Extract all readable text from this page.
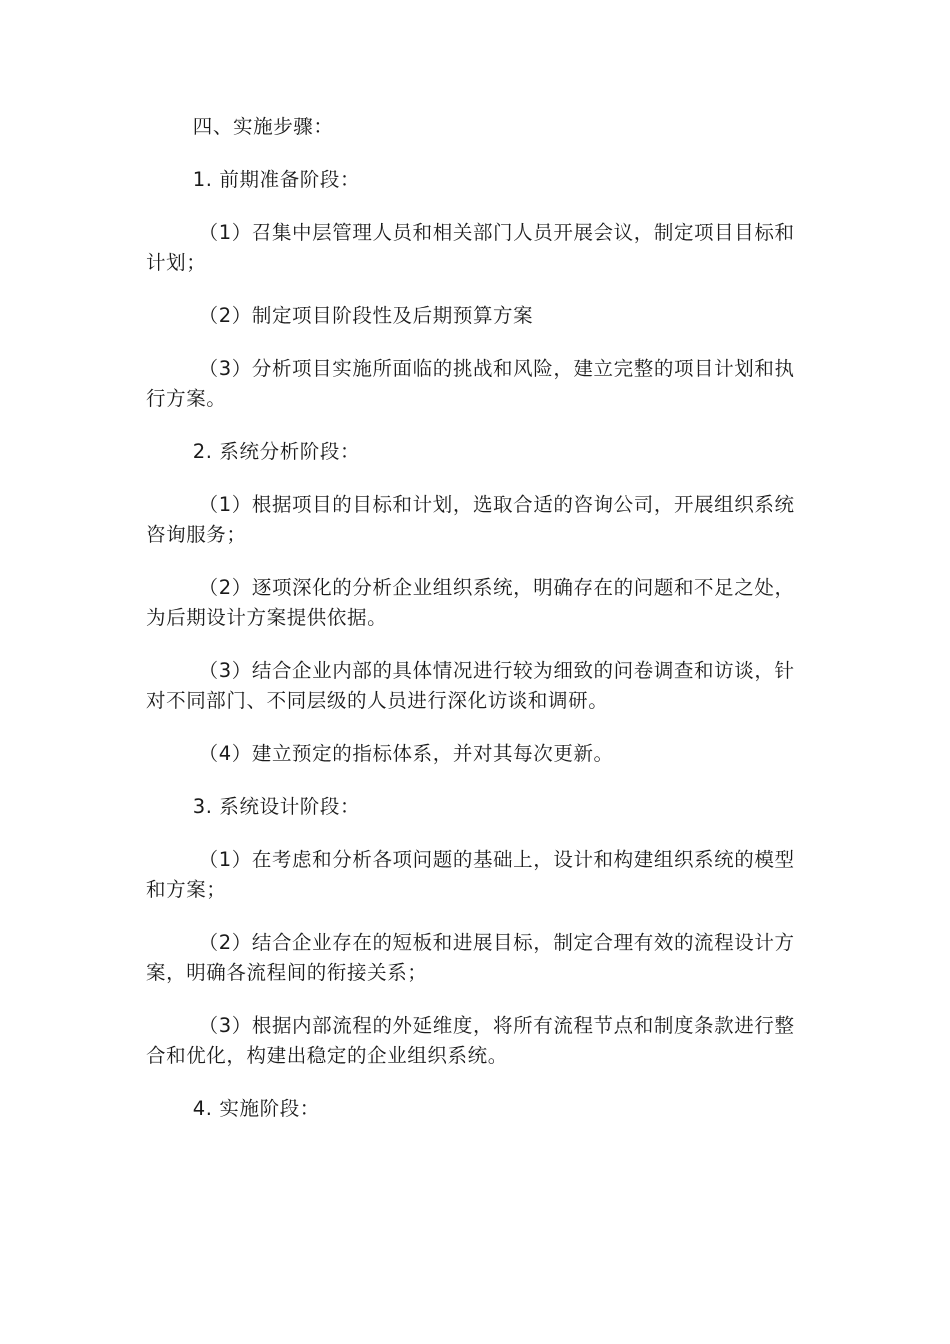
四、实施步骤：

1. 前期准备阶段：

（1）召集中层管理人员和相关部门人员开展会议，制定项目目标和计划；

（2）制定项目阶段性及后期预算方案

（3）分析项目实施所面临的挑战和风险，建立完整的项目计划和执行方案。

2. 系统分析阶段：

（1）根据项目的目标和计划，选取合适的咨询公司，开展组织系统咨询服务；

（2）逐项深化的分析企业组织系统，明确存在的问题和不足之处，为后期设计方案提供依据。

（3）结合企业内部的具体情况进行较为细致的问卷调查和访谈，针对不同部门、不同层级的人员进行深化访谈和调研。

（4）建立预定的指标体系，并对其每次更新。

3. 系统设计阶段：

（1）在考虑和分析各项问题的基础上，设计和构建组织系统的模型和方案；

（2）结合企业存在的短板和进展目标，制定合理有效的流程设计方案，明确各流程间的衔接关系；

（3）根据内部流程的外延维度，将所有流程节点和制度条款进行整合和优化，构建出稳定的企业组织系统。

4. 实施阶段：
